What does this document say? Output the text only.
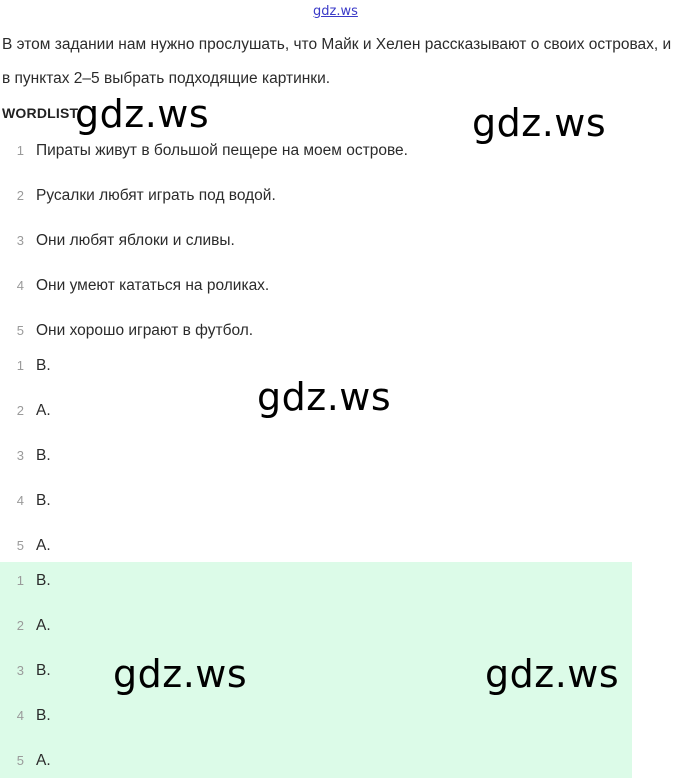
gdz.ws
В этом задании нам нужно прослушать, что Майк и Хелен рассказывают о своих островах, и в пунктах 2–5 выбрать подходящие картинки.
WORDLIST
1 Пираты живут в большой пещере на моем острове.
2 Русалки любят играть под водой.
3 Они любят яблоки и сливы.
4 Они умеют кататься на роликах.
5 Они хорошо играют в футбол.
1 B.
2 A.
3 B.
4 B.
5 A.
1 B.
2 A.
3 B.
4 B.
5 A.
gdz.ws	gdz.ws
gdz.ws
gdz.ws	gdz.ws
